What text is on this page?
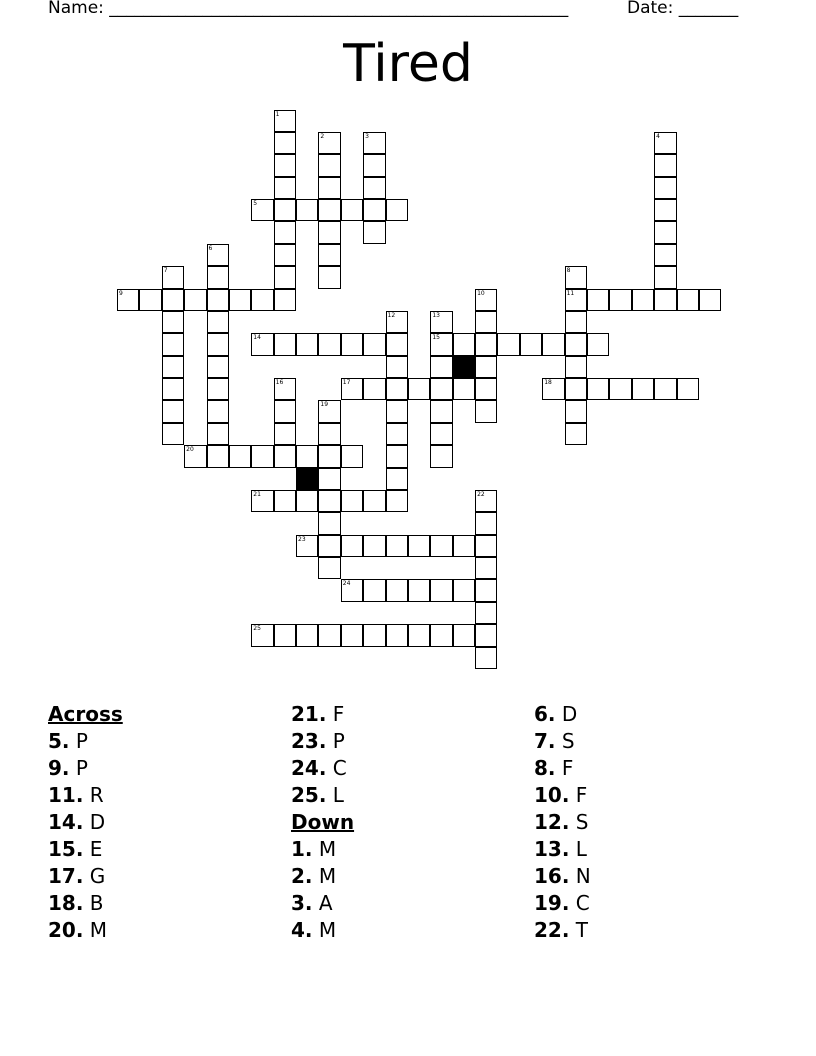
Name: ______________________________________________________	Date: _______
Tired
1
2	3	4
5
6
7	8
11
9	10
12	13
15
14
16	17	18
19
20
21	22
23
24
25
Across
5. P
9. P
11. R
14. D
15. E
17. G
18. B
20. M
21. F
23. P
24. C
25. L
Down
1. M
2. M
3. A
4. M
6. D
7. S
8. F
10. F
12. S
13. L
16. N
19. C
22. T
